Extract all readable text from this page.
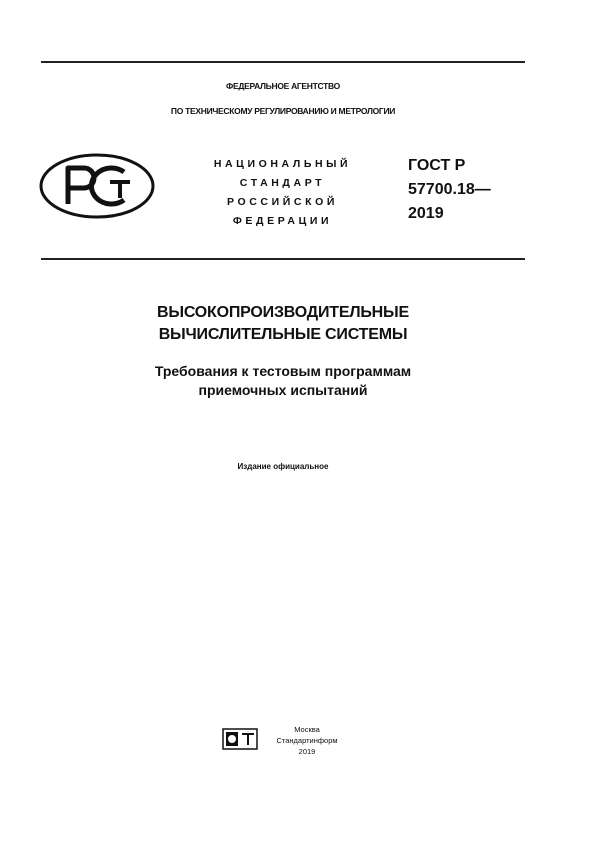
ФЕДЕРАЛЬНОЕ АГЕНТСТВО
ПО ТЕХНИЧЕСКОМУ РЕГУЛИРОВАНИЮ И МЕТРОЛОГИИ
НАЦИОНАЛЬНЫЙ
СТАНДАРТ
РОССИЙСКОЙ
ФЕДЕРАЦИИ
ГОСТ Р
57700.18—
2019
ВЫСОКОПРОИЗВОДИТЕЛЬНЫЕ
ВЫЧИСЛИТЕЛЬНЫЕ СИСТЕМЫ
Требования к тестовым программам
приемочных испытаний
Издание официальное
Москва
Стандартинформ
2019
